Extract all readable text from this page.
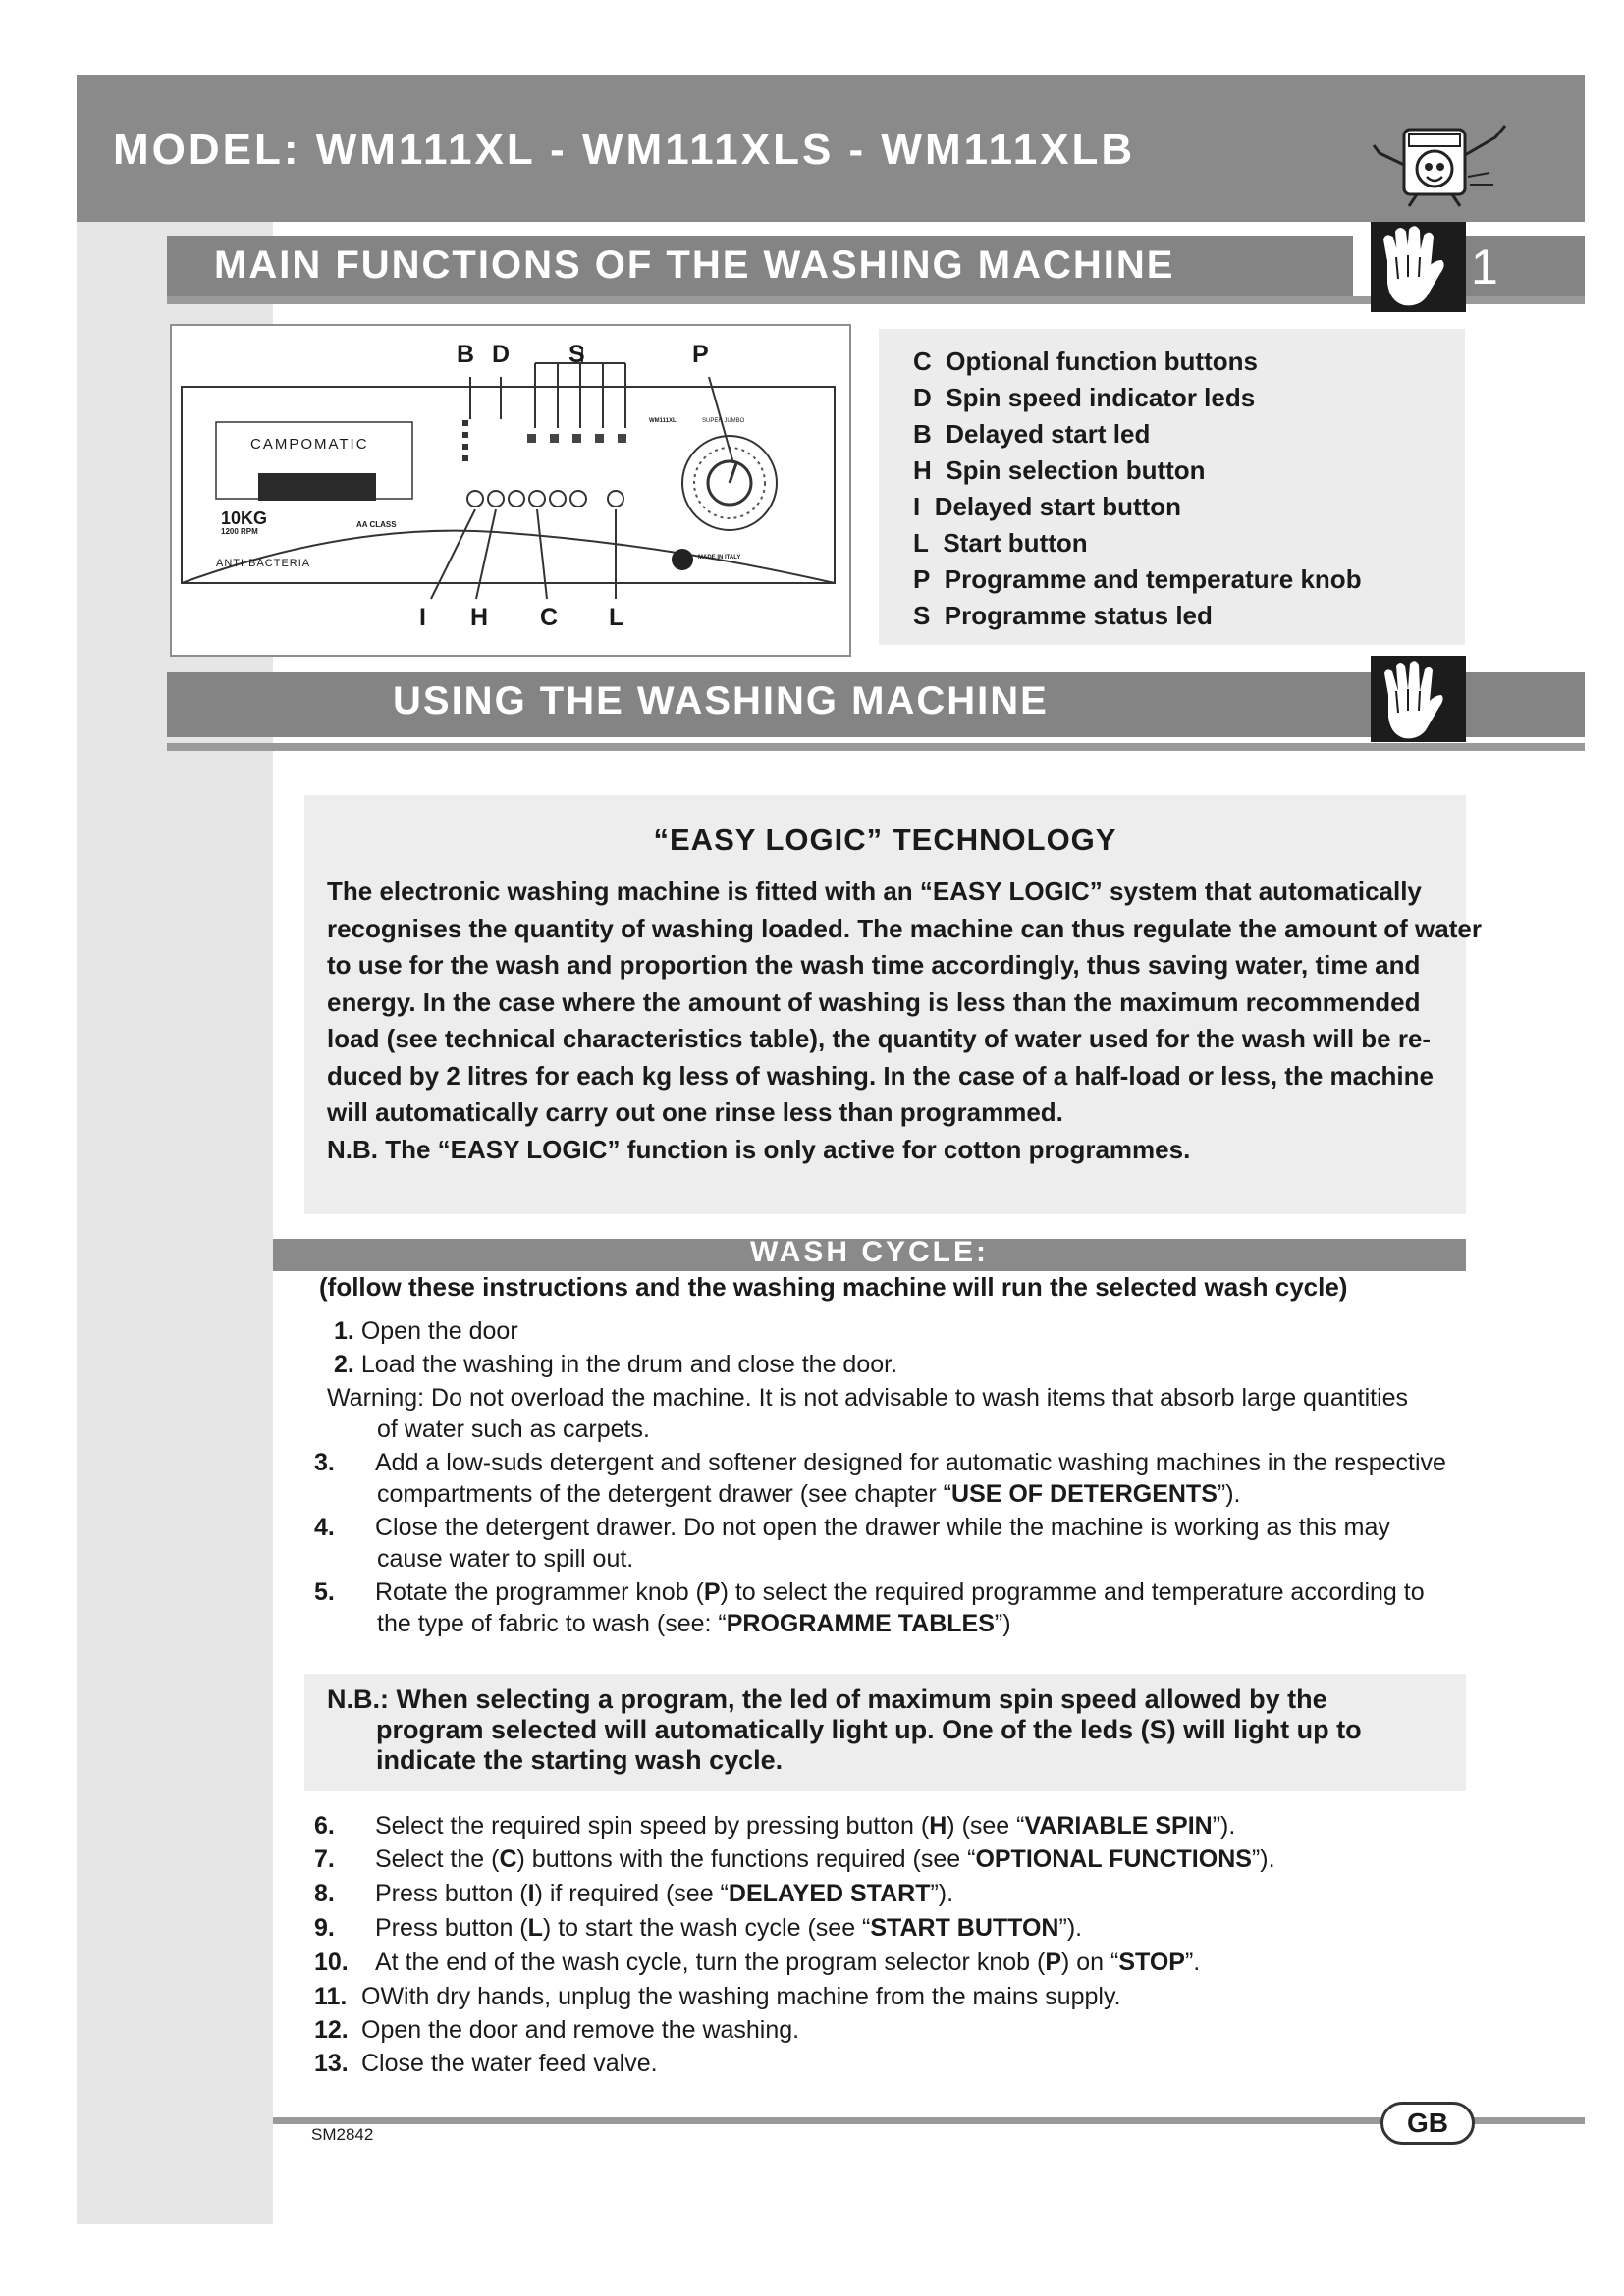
MODEL: WM111XL - WM111XLS - WM111XLB
MAIN FUNCTIONS OF THE WASHING MACHINE	1
B D S	P
I H C L
CAMPOMATIC
10KG
1200 RPM
AA CLASS
ANTI BACTERIA	MADE IN ITALY
WM111XL	SUPER JUMBO
C Optional function buttons
D Spin speed indicator leds
B Delayed start led
H Spin selection button
I Delayed start button
L Start button
P Programme and temperature knob
S Programme status led
USING THE WASHING MACHINE
“EASY LOGIC” TECHNOLOGY
The electronic washing machine is fitted with an “EASY LOGIC” system that automatically
recognises the quantity of washing loaded. The machine can thus regulate the amount of water
to use for the wash and proportion the wash time accordingly, thus saving water, time and
energy. In the case where the amount of washing is less than the maximum recommended
load (see technical characteristics table), the quantity of water used for the wash will be re-
duced by 2 litres for each kg less of washing. In the case of a half-load or less, the machine
will automatically carry out one rinse less than programmed.
N.B. The “EASY LOGIC” function is only active for cotton programmes.
WASH CYCLE:
(follow these instructions and the washing machine will run the selected wash cycle)
1. Open the door
2. Load the washing in the drum and close the door.
Warning: Do not overload the machine. It is not advisable to wash items that absorb large quantities
of water such as carpets.
3. Add a low-suds detergent and softener designed for automatic washing machines in the respective
compartments of the detergent drawer (see chapter “USE OF DETERGENTS”).
4. Close the detergent drawer. Do not open the drawer while the machine is working as this may
cause water to spill out.
5. Rotate the programmer knob (P) to select the required programme and temperature according to
the type of fabric to wash (see: “PROGRAMME TABLES”)
N.B.: When selecting a program, the led of maximum spin speed allowed by the
program selected will automatically light up. One of the leds (S) will light up to
indicate the starting wash cycle.
6. Select the required spin speed by pressing button (H) (see “VARIABLE SPIN”).
7. Select the (C) buttons with the functions required (see “OPTIONAL FUNCTIONS”).
8. Press button (I) if required (see “DELAYED START”).
9. Press button (L) to start the wash cycle (see “START BUTTON”).
10. At the end of the wash cycle, turn the program selector knob (P) on “STOP”.
11. OWith dry hands, unplug the washing machine from the mains supply.
12. Open the door and remove the washing.
13. Close the water feed valve.
GB
SM2842
